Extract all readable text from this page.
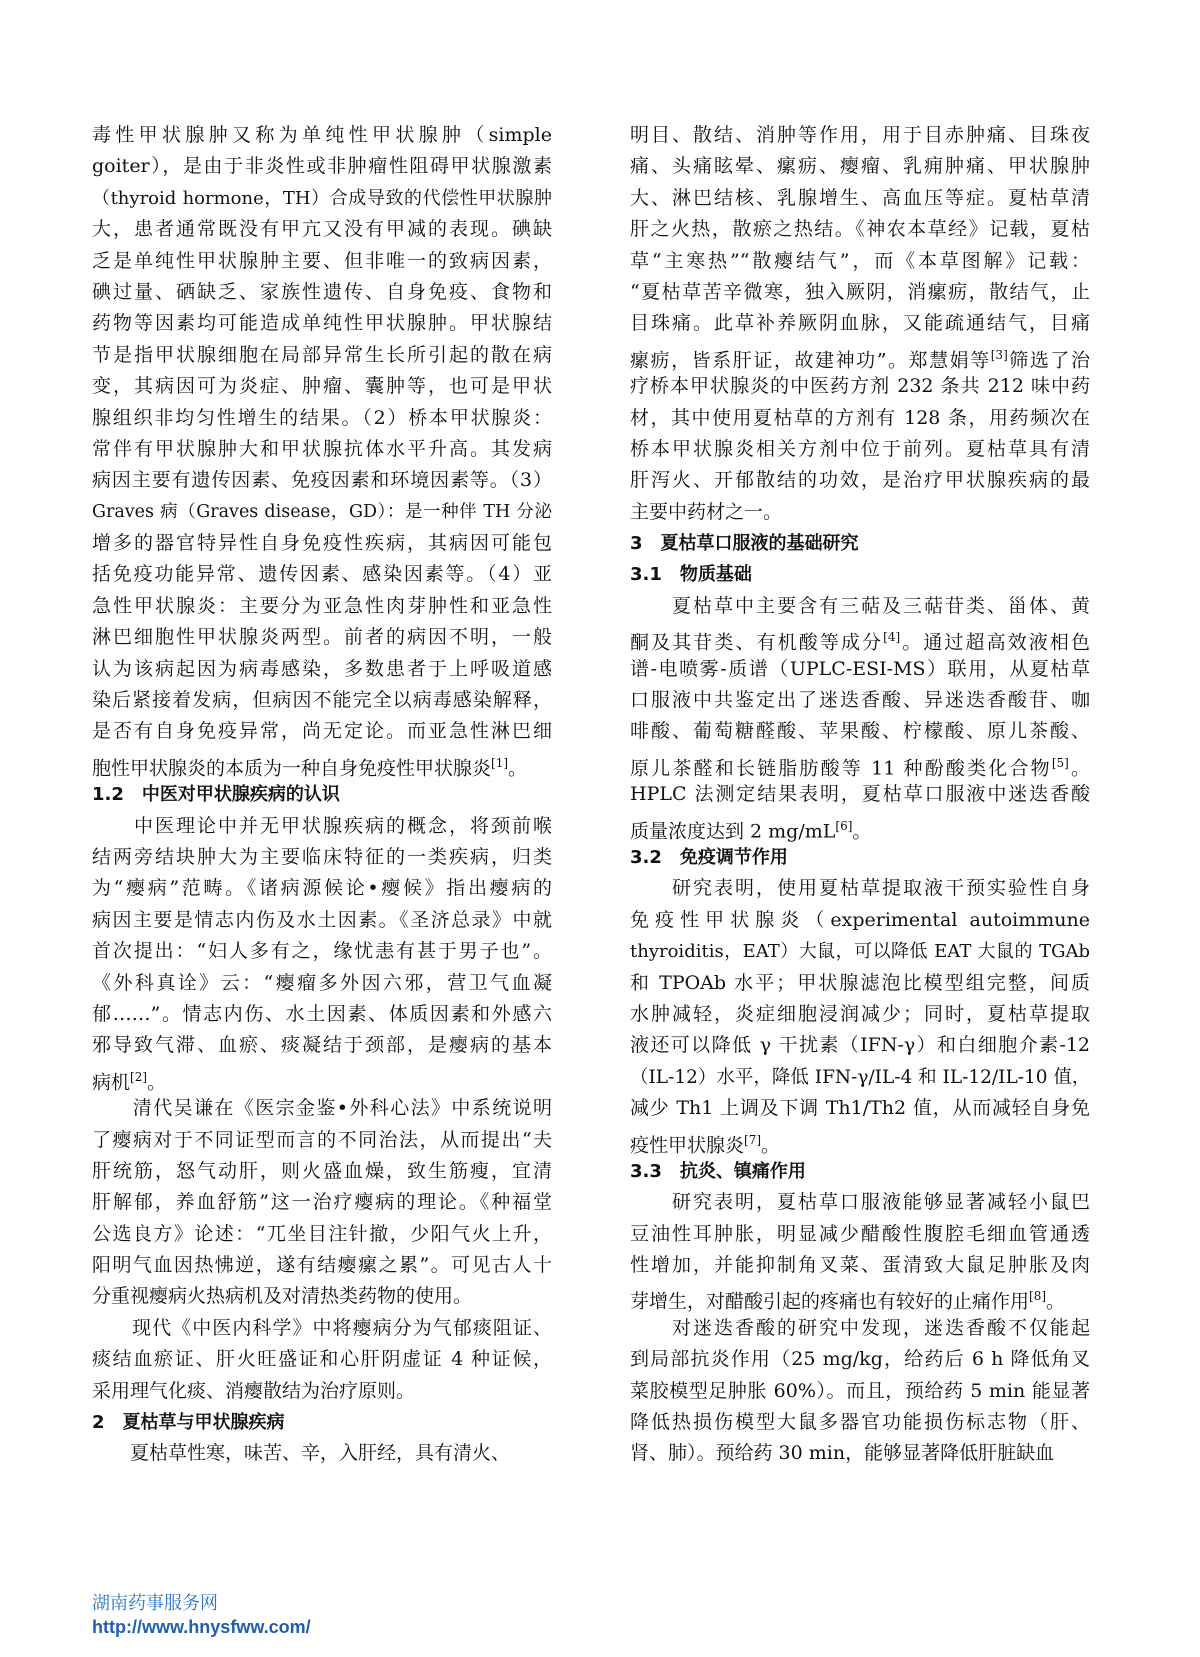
毒性甲状腺肿又称为单纯性甲状腺肿（simple
goiter），是由于非炎性或非肿瘤性阻碍甲状腺激素
（thyroid hormone，TH）合成导致的代偿性甲状腺肿
大，患者通常既没有甲亢又没有甲减的表现。碘缺
乏是单纯性甲状腺肿主要、但非唯一的致病因素，
碘过量、硒缺乏、家族性遗传、自身免疫、食物和
药物等因素均可能造成单纯性甲状腺肿。甲状腺结
节是指甲状腺细胞在局部异常生长所引起的散在病
变，其病因可为炎症、肿瘤、囊肿等，也可是甲状
腺组织非均匀性增生的结果。（2）桥本甲状腺炎：
常伴有甲状腺肿大和甲状腺抗体水平升高。其发病
病因主要有遗传因素、免疫因素和环境因素等。（3）
Graves 病（Graves disease，GD）：是一种伴 TH 分泌
增多的器官特异性自身免疫性疾病，其病因可能包
括免疫功能异常、遗传因素、感染因素等。（4）亚
急性甲状腺炎：主要分为亚急性肉芽肿性和亚急性
淋巴细胞性甲状腺炎两型。前者的病因不明，一般
认为该病起因为病毒感染，多数患者于上呼吸道感
染后紧接着发病，但病因不能完全以病毒感染解释，
是否有自身免疫异常，尚无定论。而亚急性淋巴细
胞性甲状腺炎的本质为一种自身免疫性甲状腺炎[1]。
1.2　中医对甲状腺疾病的认识
　　中医理论中并无甲状腺疾病的概念，将颈前喉
结两旁结块肿大为主要临床特征的一类疾病，归类
为“瘿病”范畴。《诸病源候论•瘿候》指出瘿病的
病因主要是情志内伤及水土因素。《圣济总录》中就
首次提出：“妇人多有之，缘忧恚有甚于男子也”。
《外科真诠》云：“瘿瘤多外因六邪，营卫气血凝
郁……”。情志内伤、水土因素、体质因素和外感六
邪导致气滞、血瘀、痰凝结于颈部，是瘿病的基本
病机[2]。
　　清代吴谦在《医宗金鉴•外科心法》中系统说明
了瘿病对于不同证型而言的不同治法，从而提出“夫
肝统筋，怒气动肝，则火盛血燥，致生筋瘦，宜清
肝解郁，养血舒筋”这一治疗瘿病的理论。《种福堂
公选良方》论述：“兀坐目注针撤，少阳气火上升，
阳明气血因热怫逆，遂有结瘿瘰之累”。可见古人十
分重视瘿病火热病机及对清热类药物的使用。
　　现代《中医内科学》中将瘿病分为气郁痰阻证、
痰结血瘀证、肝火旺盛证和心肝阴虚证 4 种证候，
采用理气化痰、消瘿散结为治疗原则。
2　夏枯草与甲状腺疾病
　　夏枯草性寒，味苦、辛，入肝经，具有清火、
明目、散结、消肿等作用，用于目赤肿痛、目珠夜
痛、头痛眩晕、瘰疬、瘿瘤、乳痈肿痛、甲状腺肿
大、淋巴结核、乳腺增生、高血压等症。夏枯草清
肝之火热，散瘀之热结。《神农本草经》记载，夏枯
草“主寒热”“散瘿结气”，而《本草图解》记载：
“夏枯草苦辛微寒，独入厥阴，消瘰疬，散结气，止
目珠痛。此草补养厥阴血脉，又能疏通结气，目痛
瘰疬，皆系肝证，故建神功”。郑慧娟等[3]筛选了治
疗桥本甲状腺炎的中医药方剂 232 条共 212 味中药
材，其中使用夏枯草的方剂有 128 条，用药频次在
桥本甲状腺炎相关方剂中位于前列。夏枯草具有清
肝泻火、开郁散结的功效，是治疗甲状腺疾病的最
主要中药材之一。
3　夏枯草口服液的基础研究
3.1　物质基础
　　夏枯草中主要含有三萜及三萜苷类、甾体、黄
酮及其苷类、有机酸等成分[4]。通过超高效液相色
谱-电喷雾-质谱（UPLC-ESI-MS）联用，从夏枯草
口服液中共鉴定出了迷迭香酸、异迷迭香酸苷、咖
啡酸、葡萄糖醛酸、苹果酸、柠檬酸、原儿茶酸、
原儿茶醛和长链脂肪酸等 11 种酚酸类化合物[5]。
HPLC 法测定结果表明，夏枯草口服液中迷迭香酸
质量浓度达到 2 mg/mL[6]。
3.2　免疫调节作用
　　研究表明，使用夏枯草提取液干预实验性自身
免疫性甲状腺炎（experimental autoimmune
thyroiditis，EAT）大鼠，可以降低 EAT 大鼠的 TGAb
和 TPOAb 水平；甲状腺滤泡比模型组完整，间质
水肿减轻，炎症细胞浸润减少；同时，夏枯草提取
液还可以降低 γ 干扰素（IFN-γ）和白细胞介素-12
（IL-12）水平，降低 IFN-γ/IL-4 和 IL-12/IL-10 值，
减少 Th1 上调及下调 Th1/Th2 值，从而减轻自身免
疫性甲状腺炎[7]。
3.3　抗炎、镇痛作用
　　研究表明，夏枯草口服液能够显著减轻小鼠巴
豆油性耳肿胀，明显减少醋酸性腹腔毛细血管通透
性增加，并能抑制角叉菜、蛋清致大鼠足肿胀及肉
芽增生，对醋酸引起的疼痛也有较好的止痛作用[8]。
　　对迷迭香酸的研究中发现，迷迭香酸不仅能起
到局部抗炎作用（25 mg/kg，给药后 6 h 降低角叉
菜胶模型足肿胀 60%）。而且，预给药 5 min 能显著
降低热损伤模型大鼠多器官功能损伤标志物（肝、
肾、肺）。预给药 30 min，能够显著降低肝脏缺血
湖南药事服务网
http://www.hnysfww.com/
